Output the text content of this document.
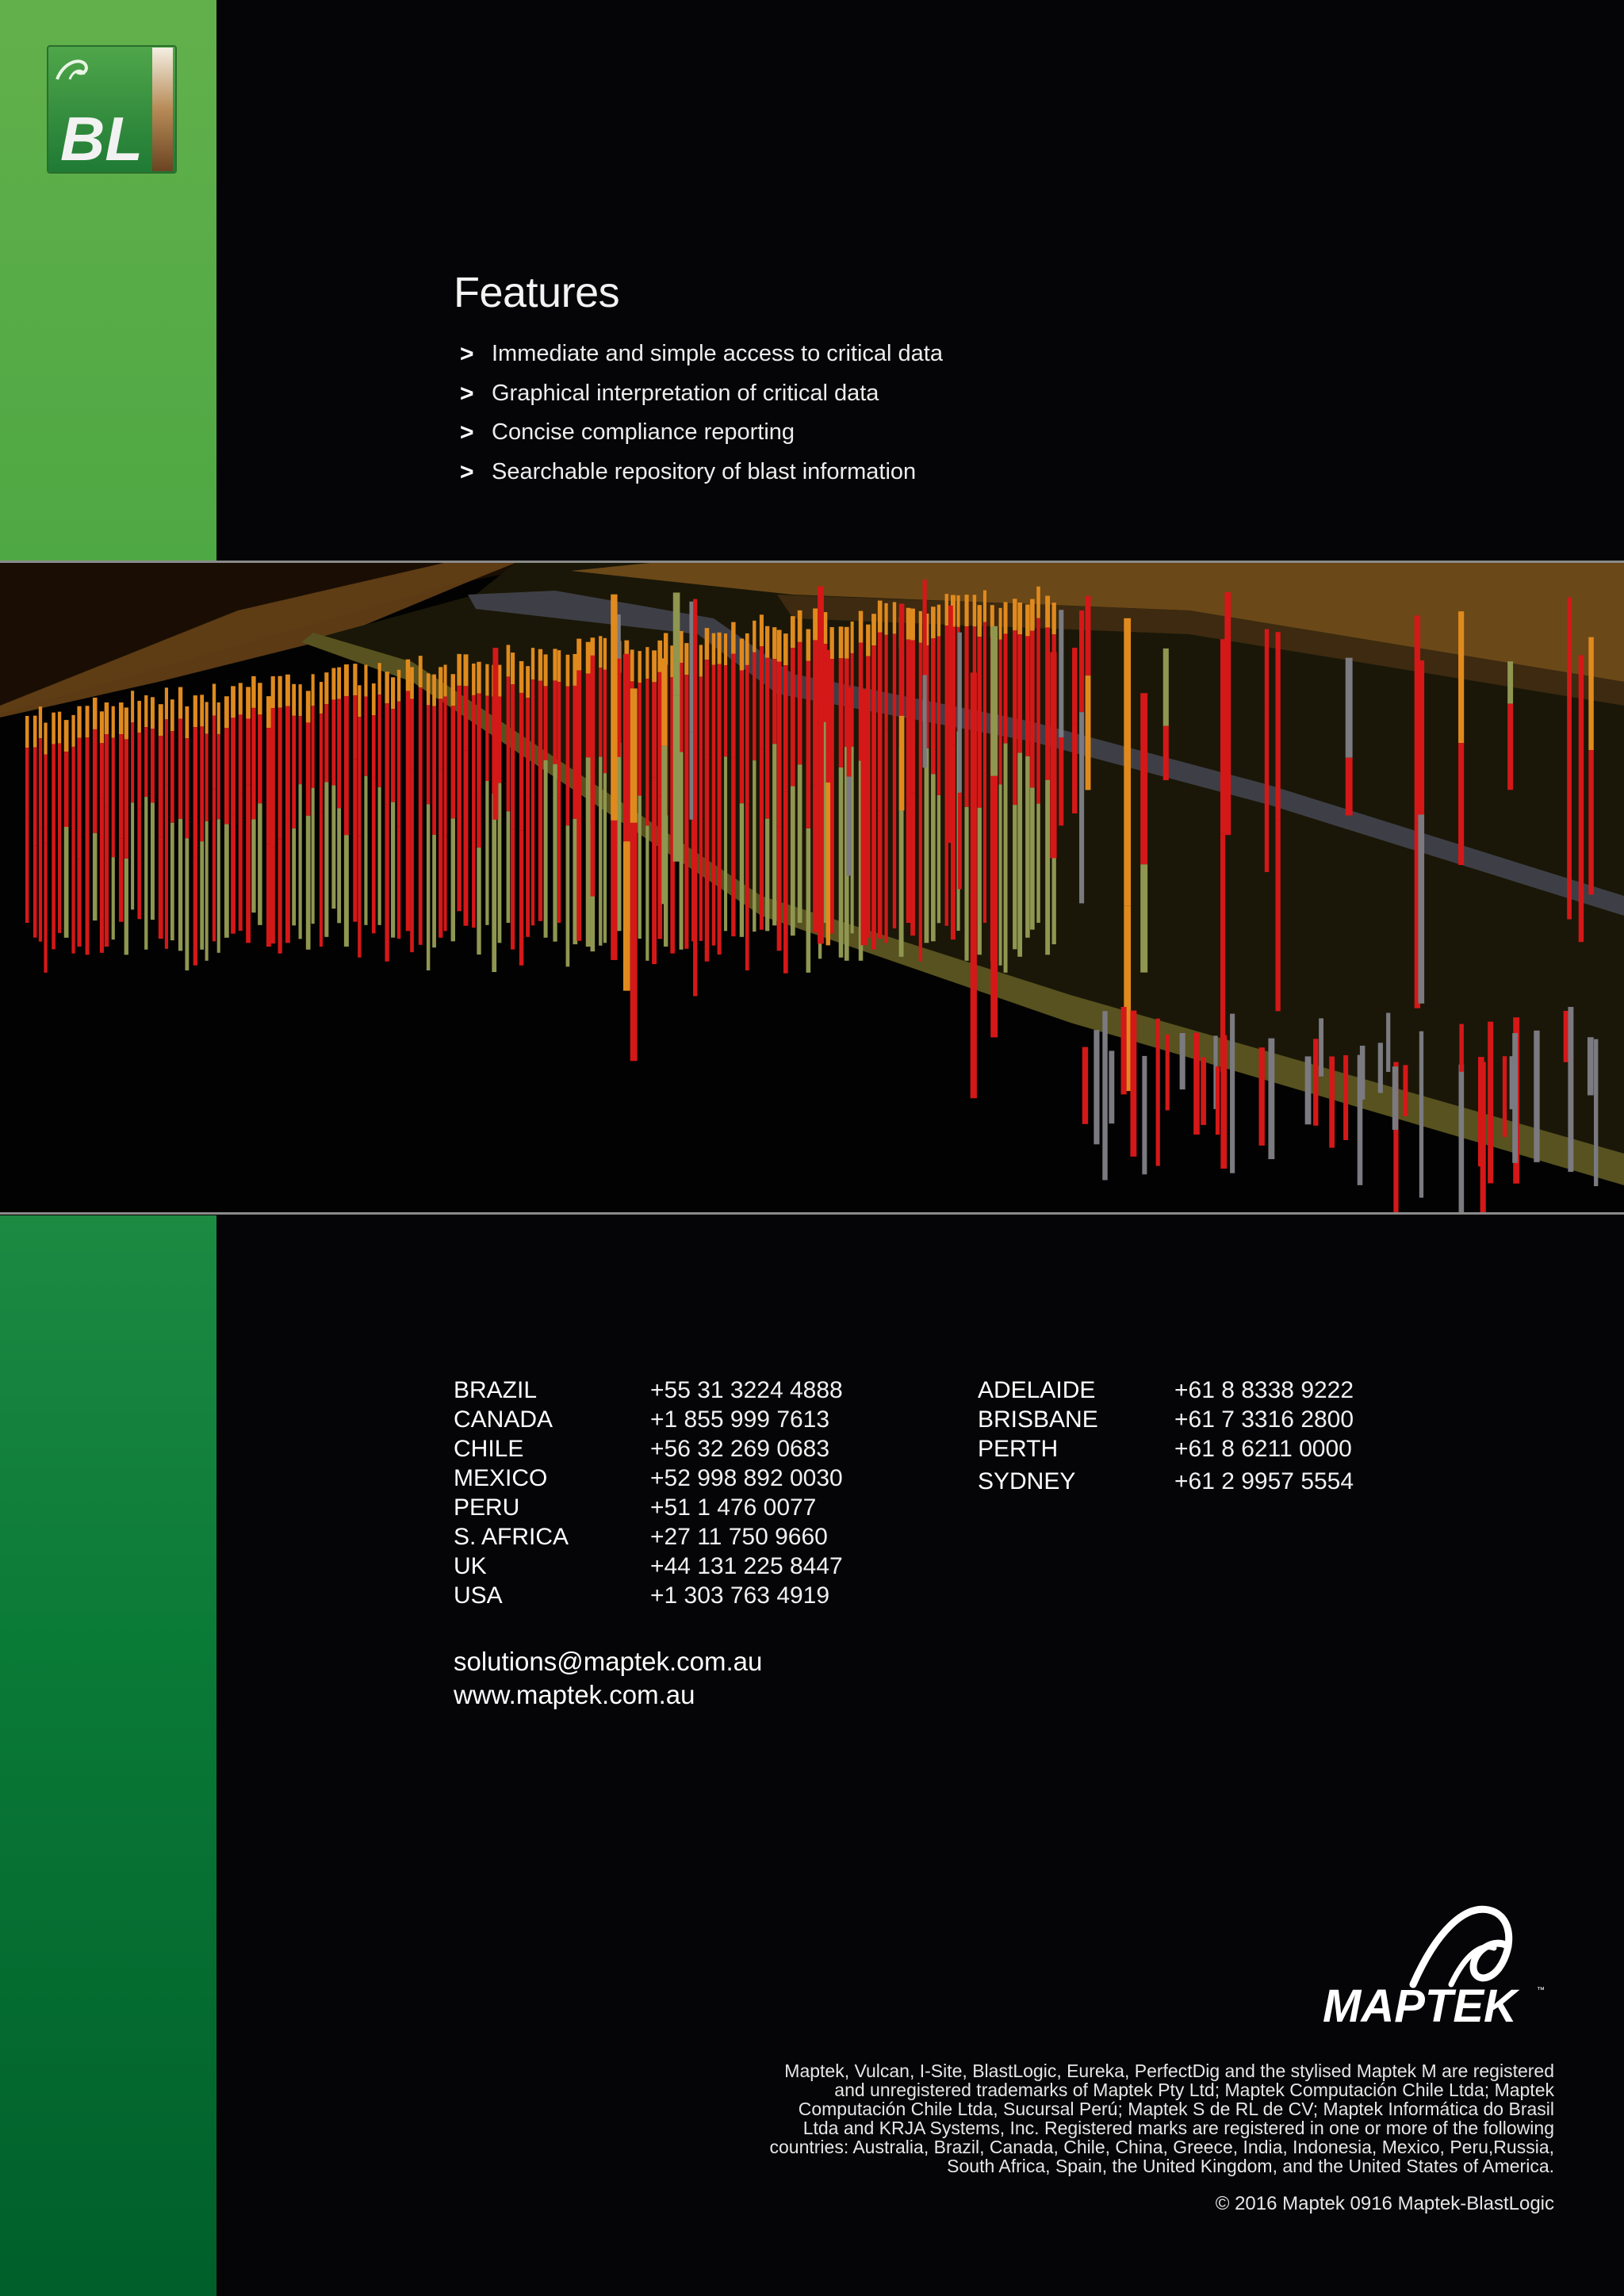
BL
Features
> Immediate and simple access to critical data
> Graphical interpretation of critical data
> Concise compliance reporting
> Searchable repository of blast information
BRAZIL	+55 31 3224 4888
CANADA	+1 855 999 7613
CHILE	+56 32 269 0683
MEXICO	+52 998 892 0030
PERU	+51 1 476 0077
S. AFRICA	+27 11 750 9660
UK	+44 131 225 8447
USA	+1 303 763 4919
ADELAIDE	+61 8 8338 9222
BRISBANE	+61 7 3316 2800
PERTH	+61 8 6211 0000
SYDNEY	+61 2 9957 5554
solutions@maptek.com.au
www.maptek.com.au
MAPTEK	™
Maptek, Vulcan, I-Site, BlastLogic, Eureka, PerfectDig and the stylised Maptek M are registered
and unregistered trademarks of Maptek Pty Ltd; Maptek Computación Chile Ltda; Maptek
Computación Chile Ltda, Sucursal Perú; Maptek S de RL de CV; Maptek Informática do Brasil
Ltda and KRJA Systems, Inc. Registered marks are registered in one or more of the following
countries: Australia, Brazil, Canada, Chile, China, Greece, India, Indonesia, Mexico, Peru,Russia,
South Africa, Spain, the United Kingdom, and the United States of America.
© 2016 Maptek 0916 Maptek-BlastLogic
